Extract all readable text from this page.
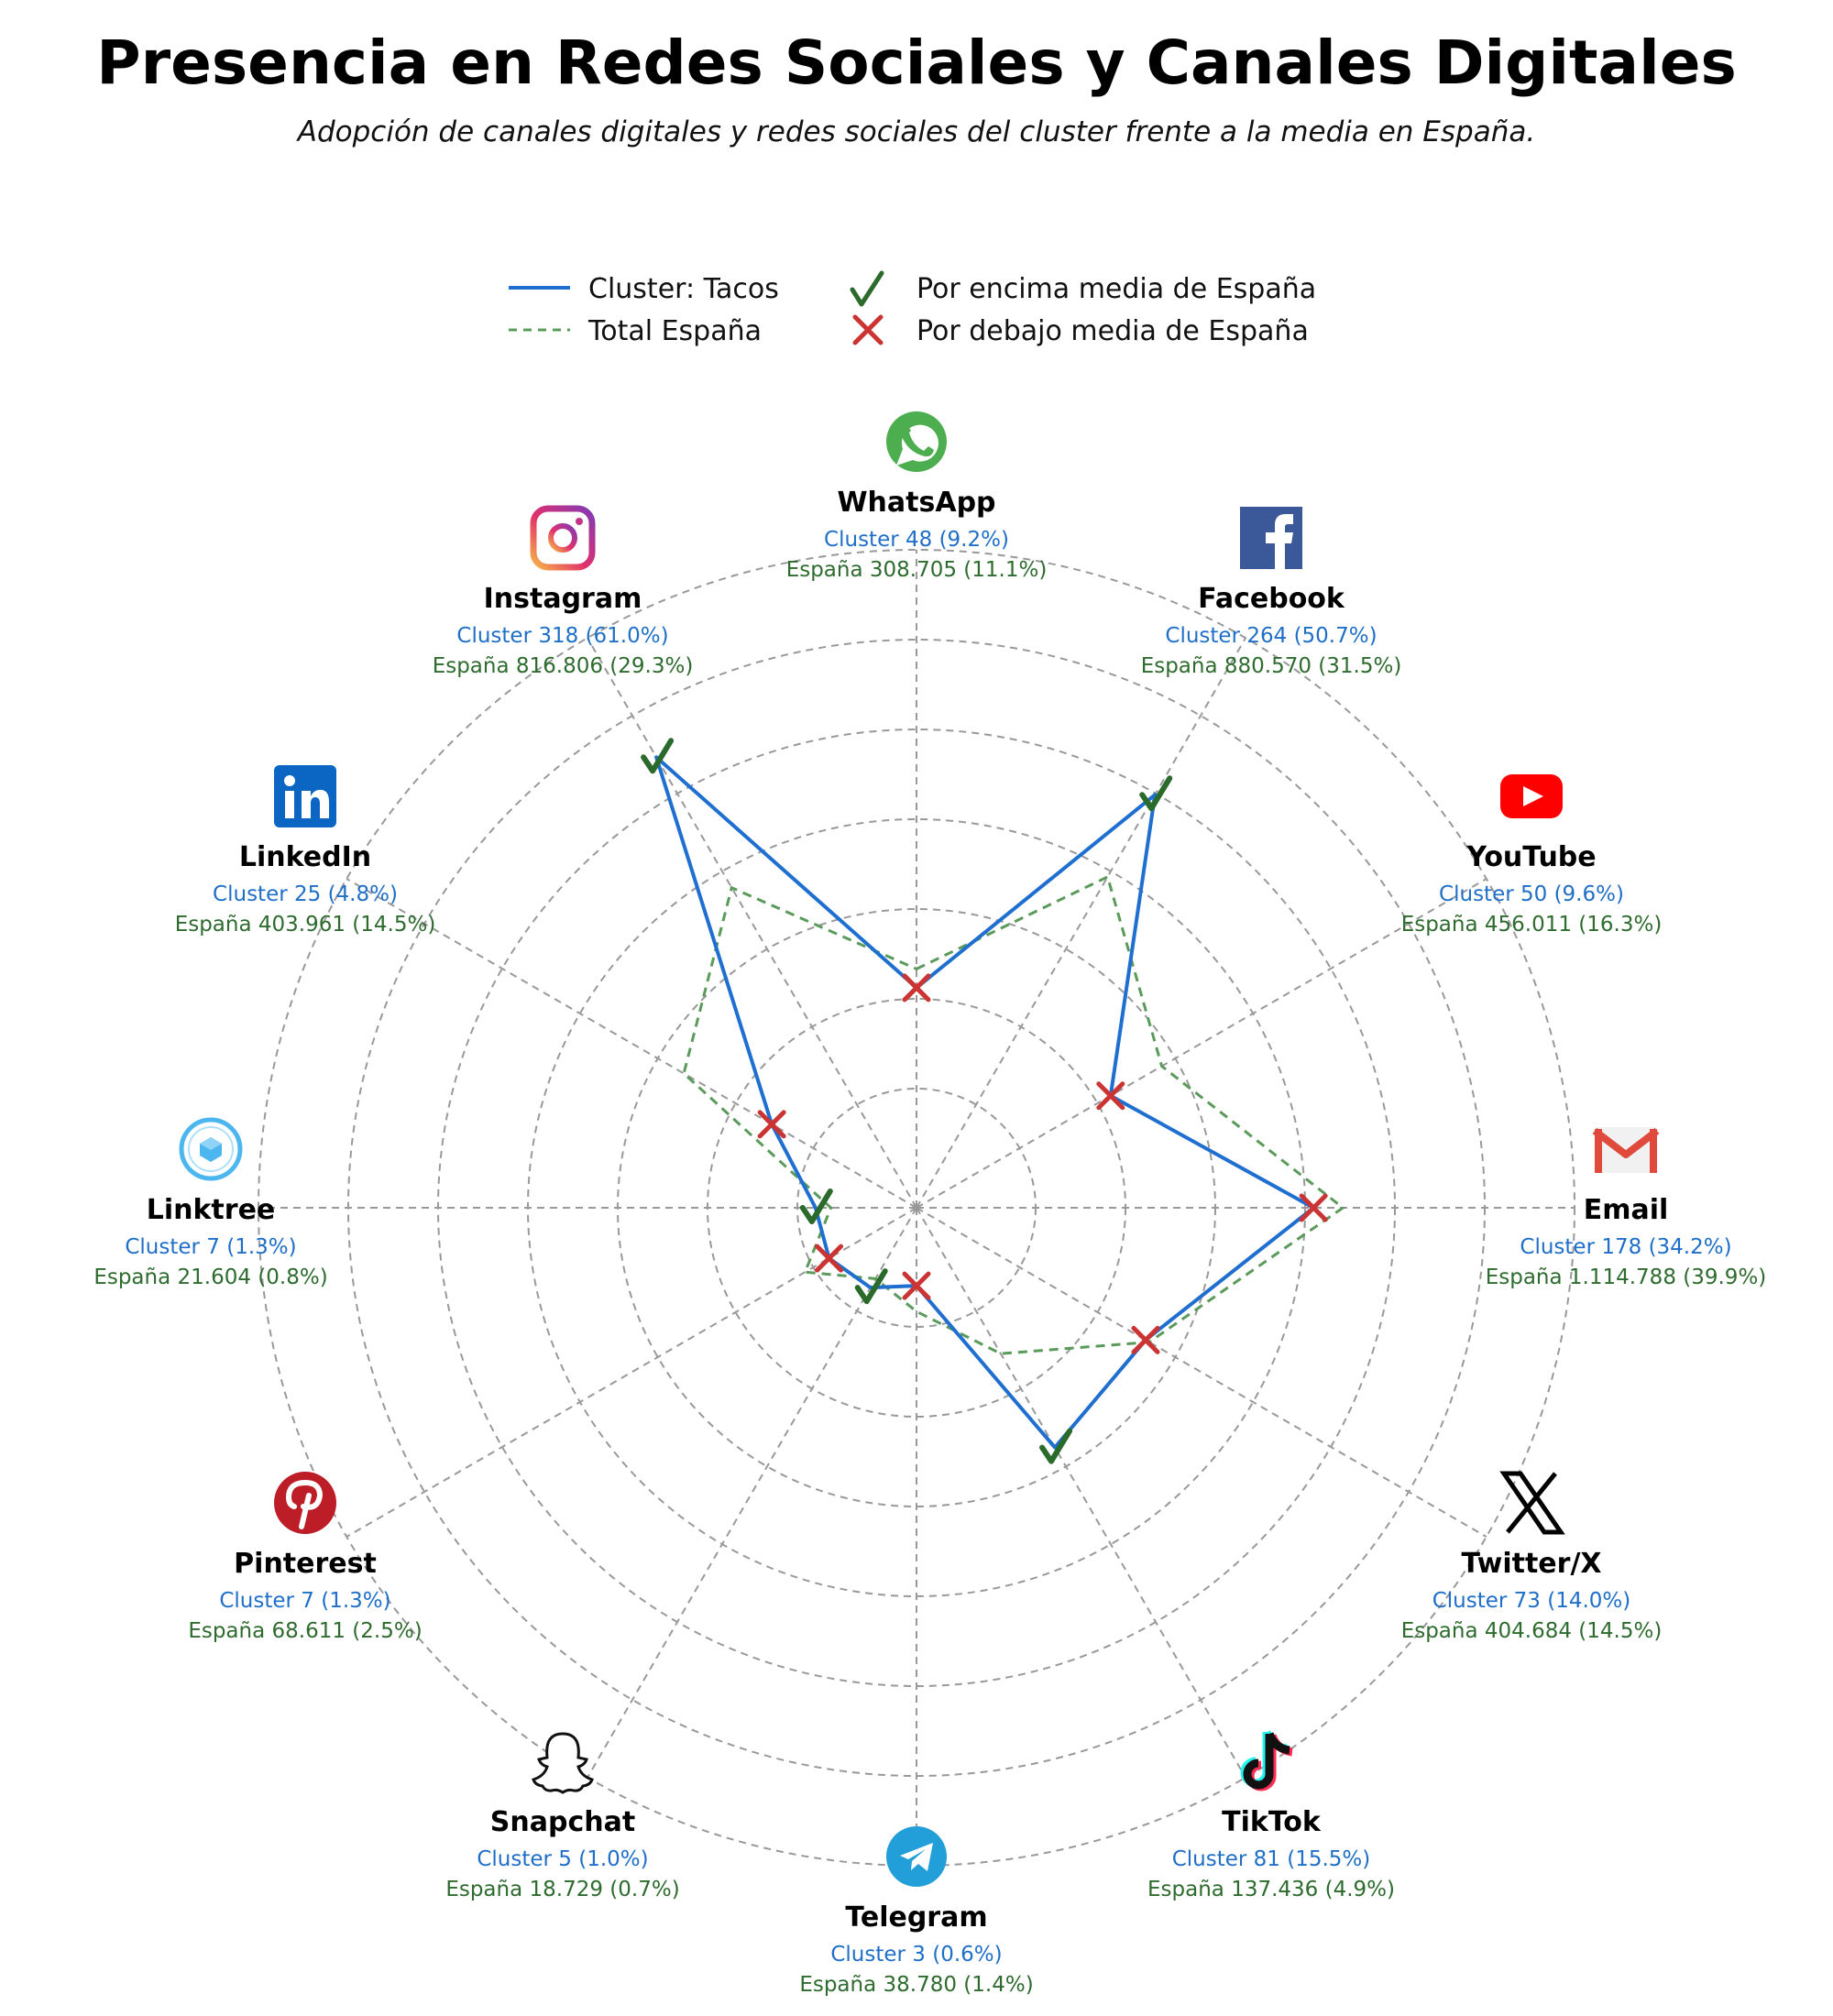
Presencia en Redes Sociales y Canales Digitales
Adopción de canales digitales y redes sociales del cluster frente a la media en España.
Cluster: Tacos
Total España
Por encima media de España
Por debajo media de España
WhatsApp
Cluster 48 (9.2%)
España 308.705 (11.1%)
Facebook
Cluster 264 (50.7%)
España 880.570 (31.5%)
YouTube
Cluster 50 (9.6%)
España 456.011 (16.3%)
Email
Cluster 178 (34.2%)
España 1.114.788 (39.9%)
Twitter/X
Cluster 73 (14.0%)
España 404.684 (14.5%)
TikTok
Cluster 81 (15.5%)
España 137.436 (4.9%)
Telegram
Cluster 3 (0.6%)
España 38.780 (1.4%)
Snapchat
Cluster 5 (1.0%)
España 18.729 (0.7%)
Pinterest
Cluster 7 (1.3%)
España 68.611 (2.5%)
Linktree
Cluster 7 (1.3%)
España 21.604 (0.8%)
LinkedIn
Cluster 25 (4.8%)
España 403.961 (14.5%)
Instagram
Cluster 318 (61.0%)
España 816.806 (29.3%)
